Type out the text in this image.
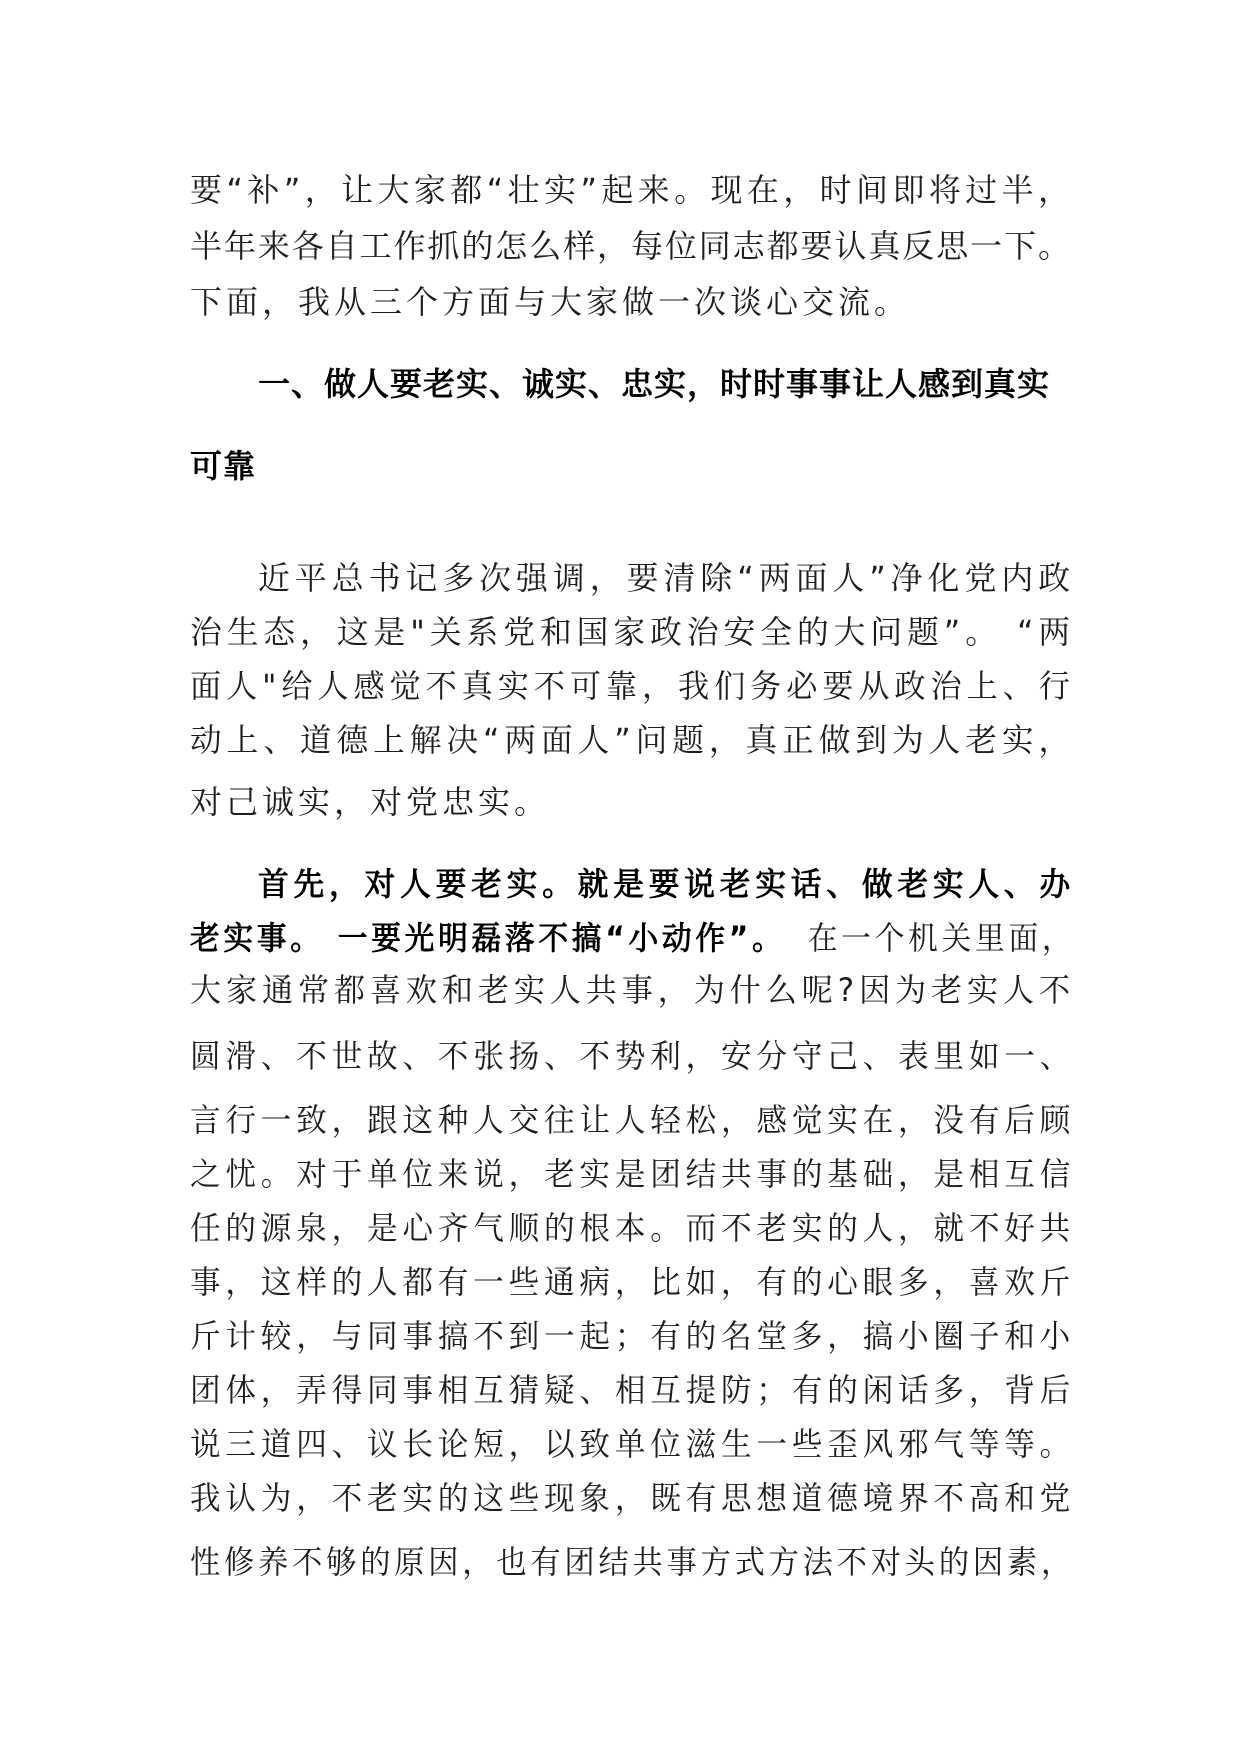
要“补”，让大家都“壮实”起来。现在，时间即将过半，
半年来各自工作抓的怎么样，每位同志都要认真反思一下。
下面，我从三个方面与大家做一次谈心交流。
一、做人要老实、诚实、忠实，时时事事让人感到真实
可靠
近平总书记多次强调，要清除“两面人”净化党内政
治生态，这是"关系党和国家政治安全的大问题”。 “两
面人"给人感觉不真实不可靠，我们务必要从政治上、行
动上、道德上解决“两面人”问题，真正做到为人老实，
对己诚实，对党忠实。
首先，对人要老实。就是要说老实话、做老实人、办
老实事。 一要光明磊落不搞“小动作”。 在一个机关里面，
大家通常都喜欢和老实人共事，为什么呢?因为老实人不
圆滑、不世故、不张扬、不势利，安分守己、表里如一、
言行一致，跟这种人交往让人轻松，感觉实在，没有后顾
之忧。对于单位来说，老实是团结共事的基础，是相互信
任的源泉，是心齐气顺的根本。而不老实的人，就不好共
事，这样的人都有一些通病，比如，有的心眼多，喜欢斤
斤计较，与同事搞不到一起；有的名堂多，搞小圈子和小
团体，弄得同事相互猜疑、相互提防；有的闲话多，背后
说三道四、议长论短，以致单位滋生一些歪风邪气等等。
我认为，不老实的这些现象，既有思想道德境界不高和党
性修养不够的原因，也有团结共事方式方法不对头的因素，
